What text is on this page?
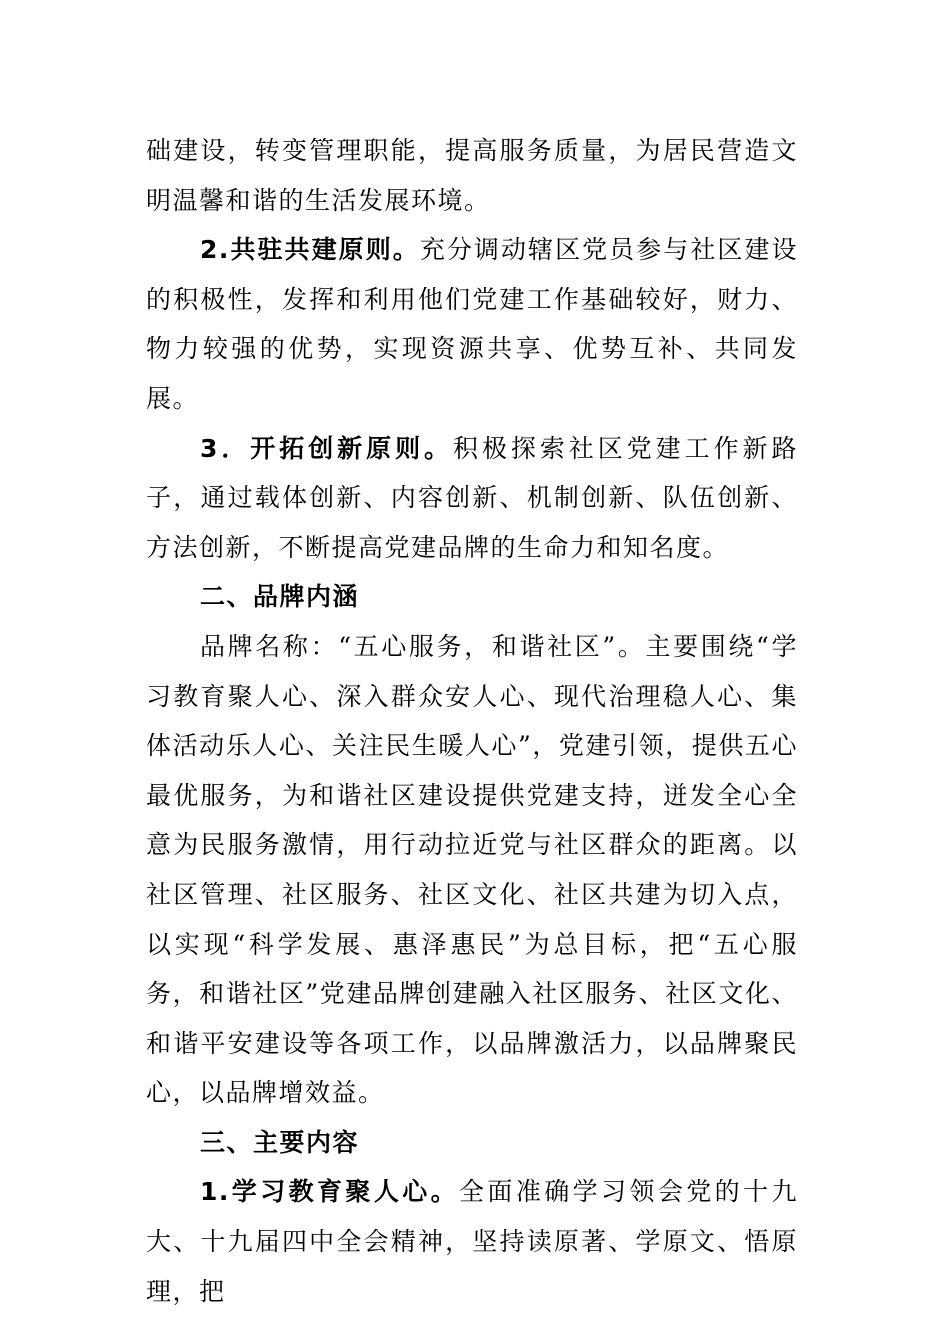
础建设，转变管理职能，提高服务质量，为居民营造文明温馨和谐的生活发展环境。

2.共驻共建原则。充分调动辖区党员参与社区建设的积极性，发挥和利用他们党建工作基础较好，财力、物力较强的优势，实现资源共享、优势互补、共同发展。

3．开拓创新原则。积极探索社区党建工作新路子，通过载体创新、内容创新、机制创新、队伍创新、方法创新，不断提高党建品牌的生命力和知名度。

二、品牌内涵

品牌名称：“五心服务，和谐社区”。主要围绕“学习教育聚人心、深入群众安人心、现代治理稳人心、集体活动乐人心、关注民生暖人心”，党建引领，提供五心最优服务，为和谐社区建设提供党建支持，迸发全心全意为民服务激情，用行动拉近党与社区群众的距离。以社区管理、社区服务、社区文化、社区共建为切入点，以实现“科学发展、惠泽惠民”为总目标，把“五心服务，和谐社区”党建品牌创建融入社区服务、社区文化、和谐平安建设等各项工作，以品牌激活力，以品牌聚民心，以品牌增效益。

三、主要内容

1.学习教育聚人心。全面准确学习领会党的十九大、十九届四中全会精神，坚持读原著、学原文、悟原理，把
